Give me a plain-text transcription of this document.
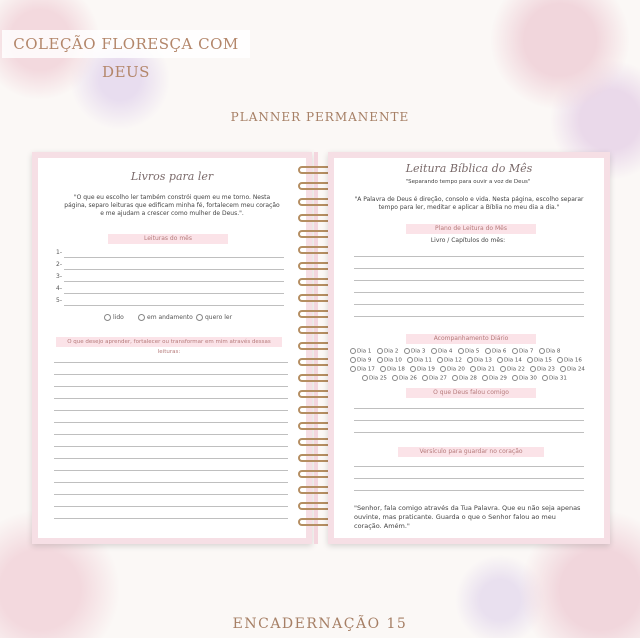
COLEÇÃO FLORESÇA COM DEUS
PLANNER PERMANENTE
Livros para ler
"O que eu escolho ler também constrói quem eu me torno. Nesta página, separo leituras que edificam minha fé, fortalecem meu coração e me ajudam a crescer como mulher de Deus.".
Leituras do mês
1-
2-
3-
4-
5-
lido	em andamento	quero ler
O que desejo aprender, fortalecer ou transformar em mim através dessas leituras:
Leitura Bíblica do Mês
"Separando tempo para ouvir a voz de Deus"
"A Palavra de Deus é direção, consolo e vida. Nesta página, escolho separar tempo para ler, meditar e aplicar a Bíblia no meu dia a dia."
Plano de Leitura do Mês
Livro / Capítulos do mês:
Acompanhamento Diário
Dia 1	Dia 2	Dia 3	Dia 4	Dia 5	Dia 6	Dia 7	Dia 8
Dia 9	Dia 10	Dia 11	Dia 12	Dia 13	Dia 14	Dia 15	Dia 16
Dia 17	Dia 18	Dia 19	Dia 20	Dia 21	Dia 22	Dia 23	Dia 24
Dia 25	Dia 26	Dia 27	Dia 28	Dia 29	Dia 30	Dia 31
O que Deus falou comigo
Versículo para guardar no coração
"Senhor, fala comigo através da Tua Palavra. Que eu não seja apenas ouvinte, mas praticante. Guarda o que o Senhor falou ao meu coração. Amém."
ENCADERNAÇÃO 15
